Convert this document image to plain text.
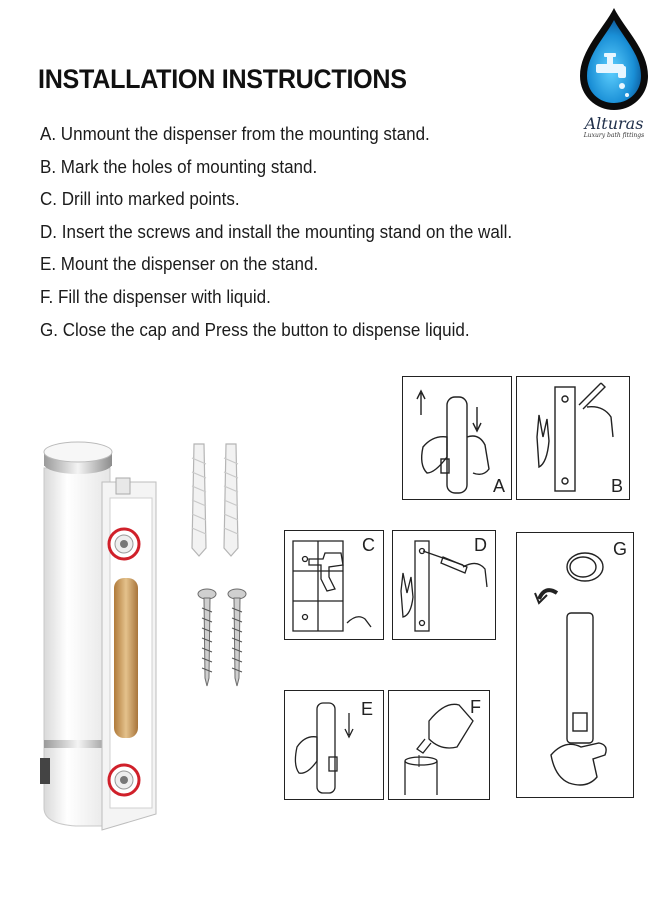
INSTALLATION INSTRUCTIONS
A. Unmount the dispenser from the mounting stand.
B. Mark the holes of mounting stand.
C. Drill into marked points.
D. Insert the screws and install the mounting stand on the wall.
E. Mount the dispenser on the stand.
F. Fill the dispenser with liquid.
G. Close the cap and Press the button to dispense liquid.
Alturas
Luxury bath fittings
A	B
C	D	G
E	F
